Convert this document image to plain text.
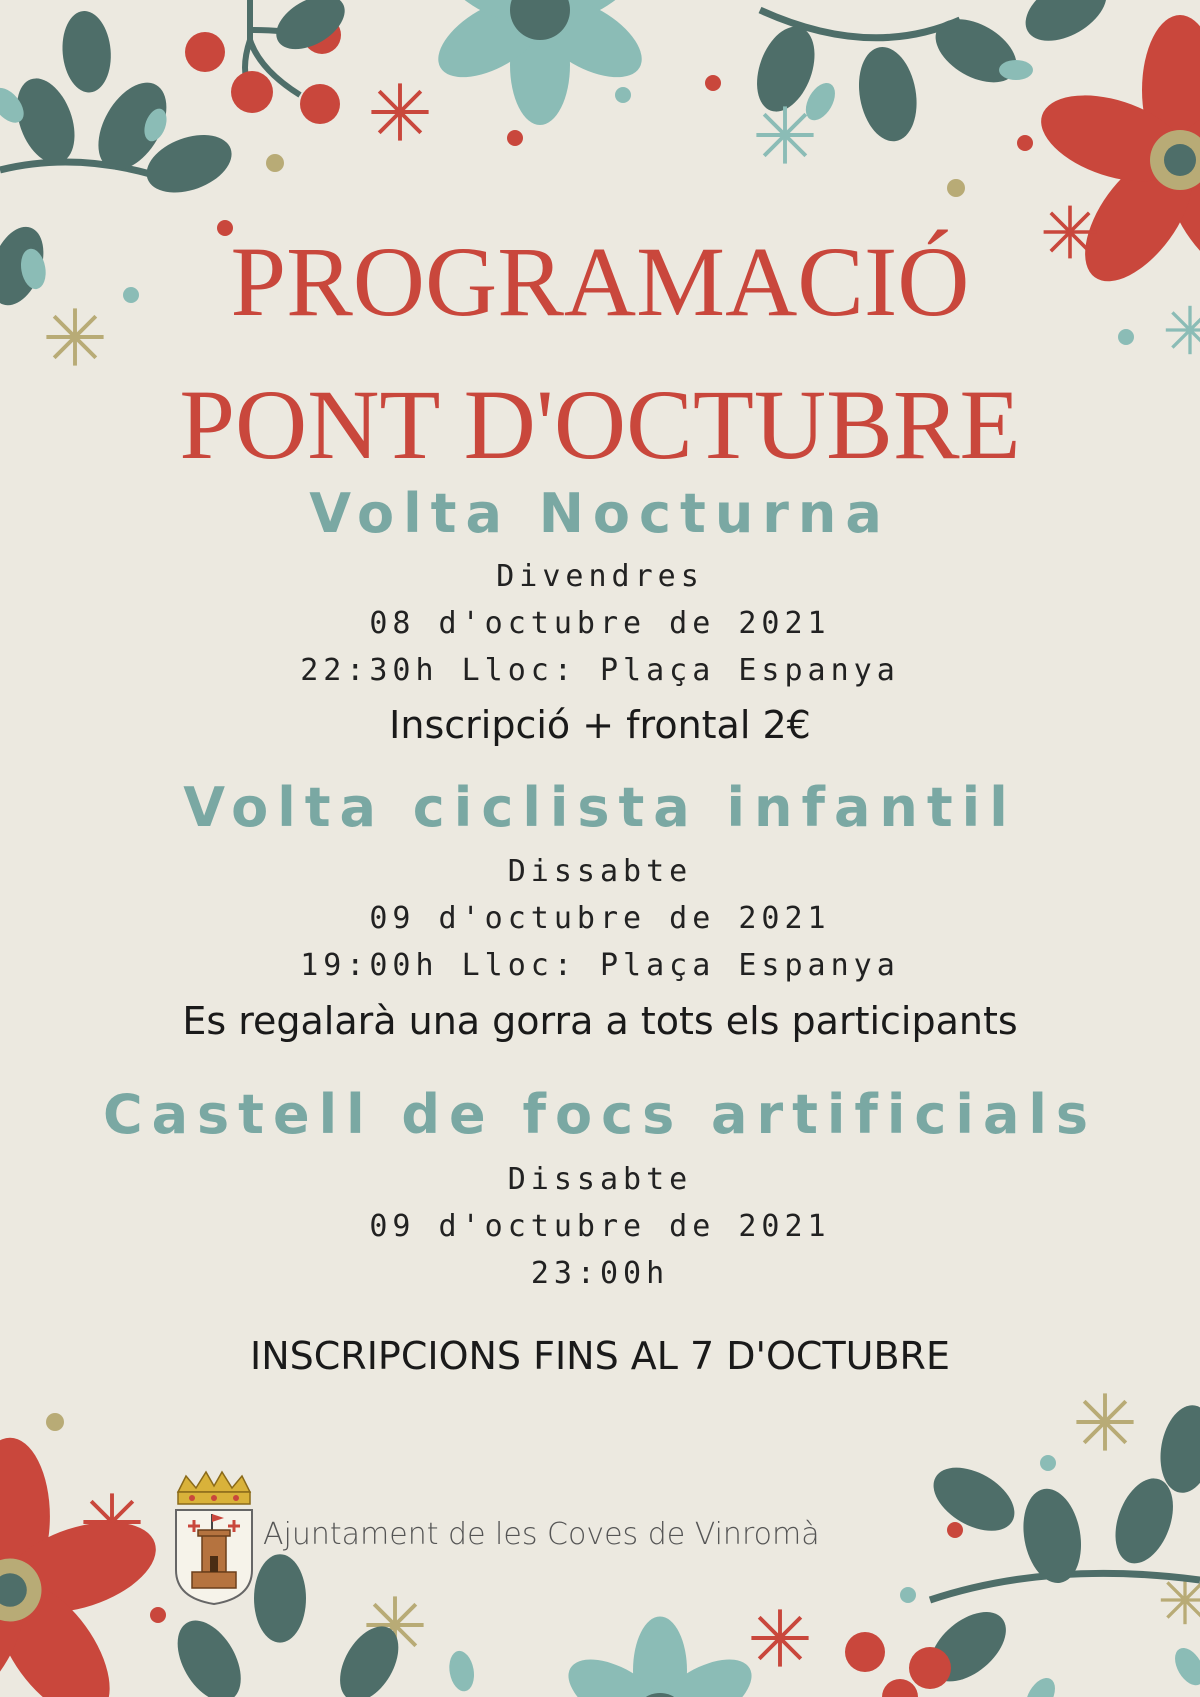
PROGRAMACIÓ
PONT D'OCTUBRE
Volta Nocturna
Divendres
08 d'octubre de 2021
22:30h Lloc: Plaça Espanya
Inscripció + frontal 2€
Volta ciclista infantil
Dissabte
09 d'octubre de 2021
19:00h Lloc: Plaça Espanya
Es regalarà una gorra a tots els participants
Castell de focs artificials
Dissabte
09 d'octubre de 2021
23:00h
INSCRIPCIONS FINS AL 7 D'OCTUBRE
Ajuntament de les Coves de Vinromà
